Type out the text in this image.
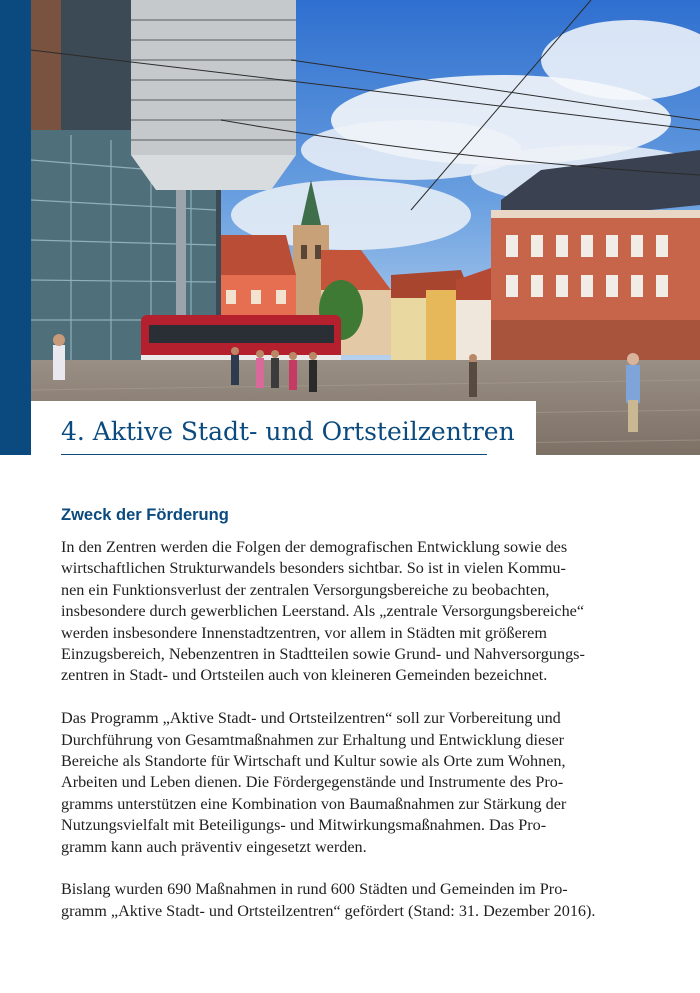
4. Aktive Stadt- und Ortsteilzentren
Zweck der Förderung

In den Zentren werden die Folgen der demografischen Entwicklung sowie des
wirtschaftlichen Strukturwandels besonders sichtbar. So ist in vielen Kommu-
nen ein Funktionsverlust der zentralen Versorgungsbereiche zu beobachten,
insbesondere durch gewerblichen Leerstand. Als „zentrale Versorgungsbereiche“
werden insbesondere Innenstadtzentren, vor allem in Städten mit größerem
Einzugsbereich, Nebenzentren in Stadtteilen sowie Grund- und Nahversorgungs-
zentren in Stadt- und Ortsteilen auch von kleineren Gemeinden bezeichnet.

Das Programm „Aktive Stadt- und Ortsteilzentren“ soll zur Vorbereitung und
Durchführung von Gesamtmaßnahmen zur Erhaltung und Entwicklung dieser
Bereiche als Standorte für Wirtschaft und Kultur sowie als Orte zum Wohnen,
Arbeiten und Leben dienen. Die Fördergegenstände und Instrumente des Pro-
gramms unterstützen eine Kombination von Baumaßnahmen zur Stärkung der
Nutzungsvielfalt mit Beteiligungs- und Mitwirkungsmaßnahmen. Das Pro-
gramm kann auch präventiv eingesetzt werden.

Bislang wurden 690 Maßnahmen in rund 600 Städten und Gemeinden im Pro-
gramm „Aktive Stadt- und Ortsteilzentren“ gefördert (Stand: 31. Dezember 2016).
